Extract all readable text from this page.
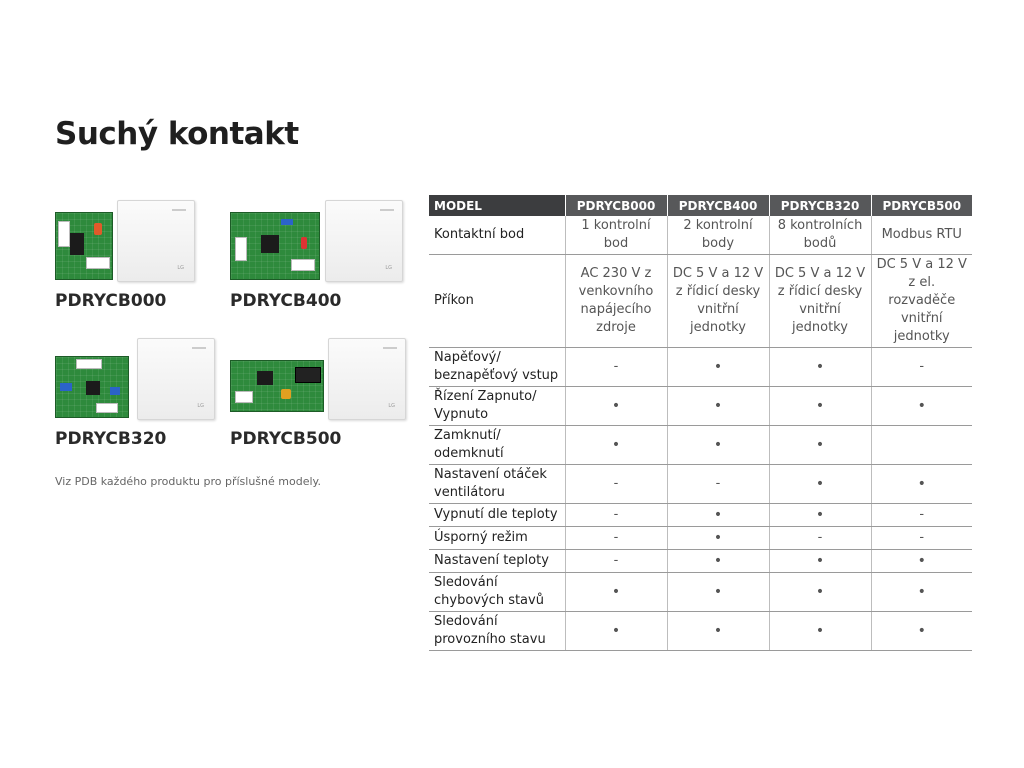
Suchý kontakt
LG
PDRYCB000
LG
PDRYCB400
LG
PDRYCB320
LG
PDRYCB500
Viz PDB každého produktu pro příslušné modely.
MODEL	PDRYCB000	PDRYCB400	PDRYCB320	PDRYCB500
Kontaktní bod	1 kontrolní bod	2 kontrolní body	8 kontrolních bodů	Modbus RTU
Příkon	AC 230 V z venkovního napájecího zdroje	DC 5 V a 12 V z řídicí desky vnitřní jednotky	DC 5 V a 12 V z řídicí desky vnitřní jednotky	DC 5 V a 12 V z el. rozvaděče vnitřní jednotky
Napěťový/ beznapěťový vstup	-	•	•	-
Řízení Zapnuto/ Vypnuto	•	•	•	•
Zamknutí/ odemknutí	•	•	•	
Nastavení otáček ventilátoru	-	-	•	•
Vypnutí dle teploty	-	•	•	-
Úsporný režim	-	•	-	-
Nastavení teploty	-	•	•	•
Sledování chybových stavů	•	•	•	•
Sledování provozního stavu	•	•	•	•
